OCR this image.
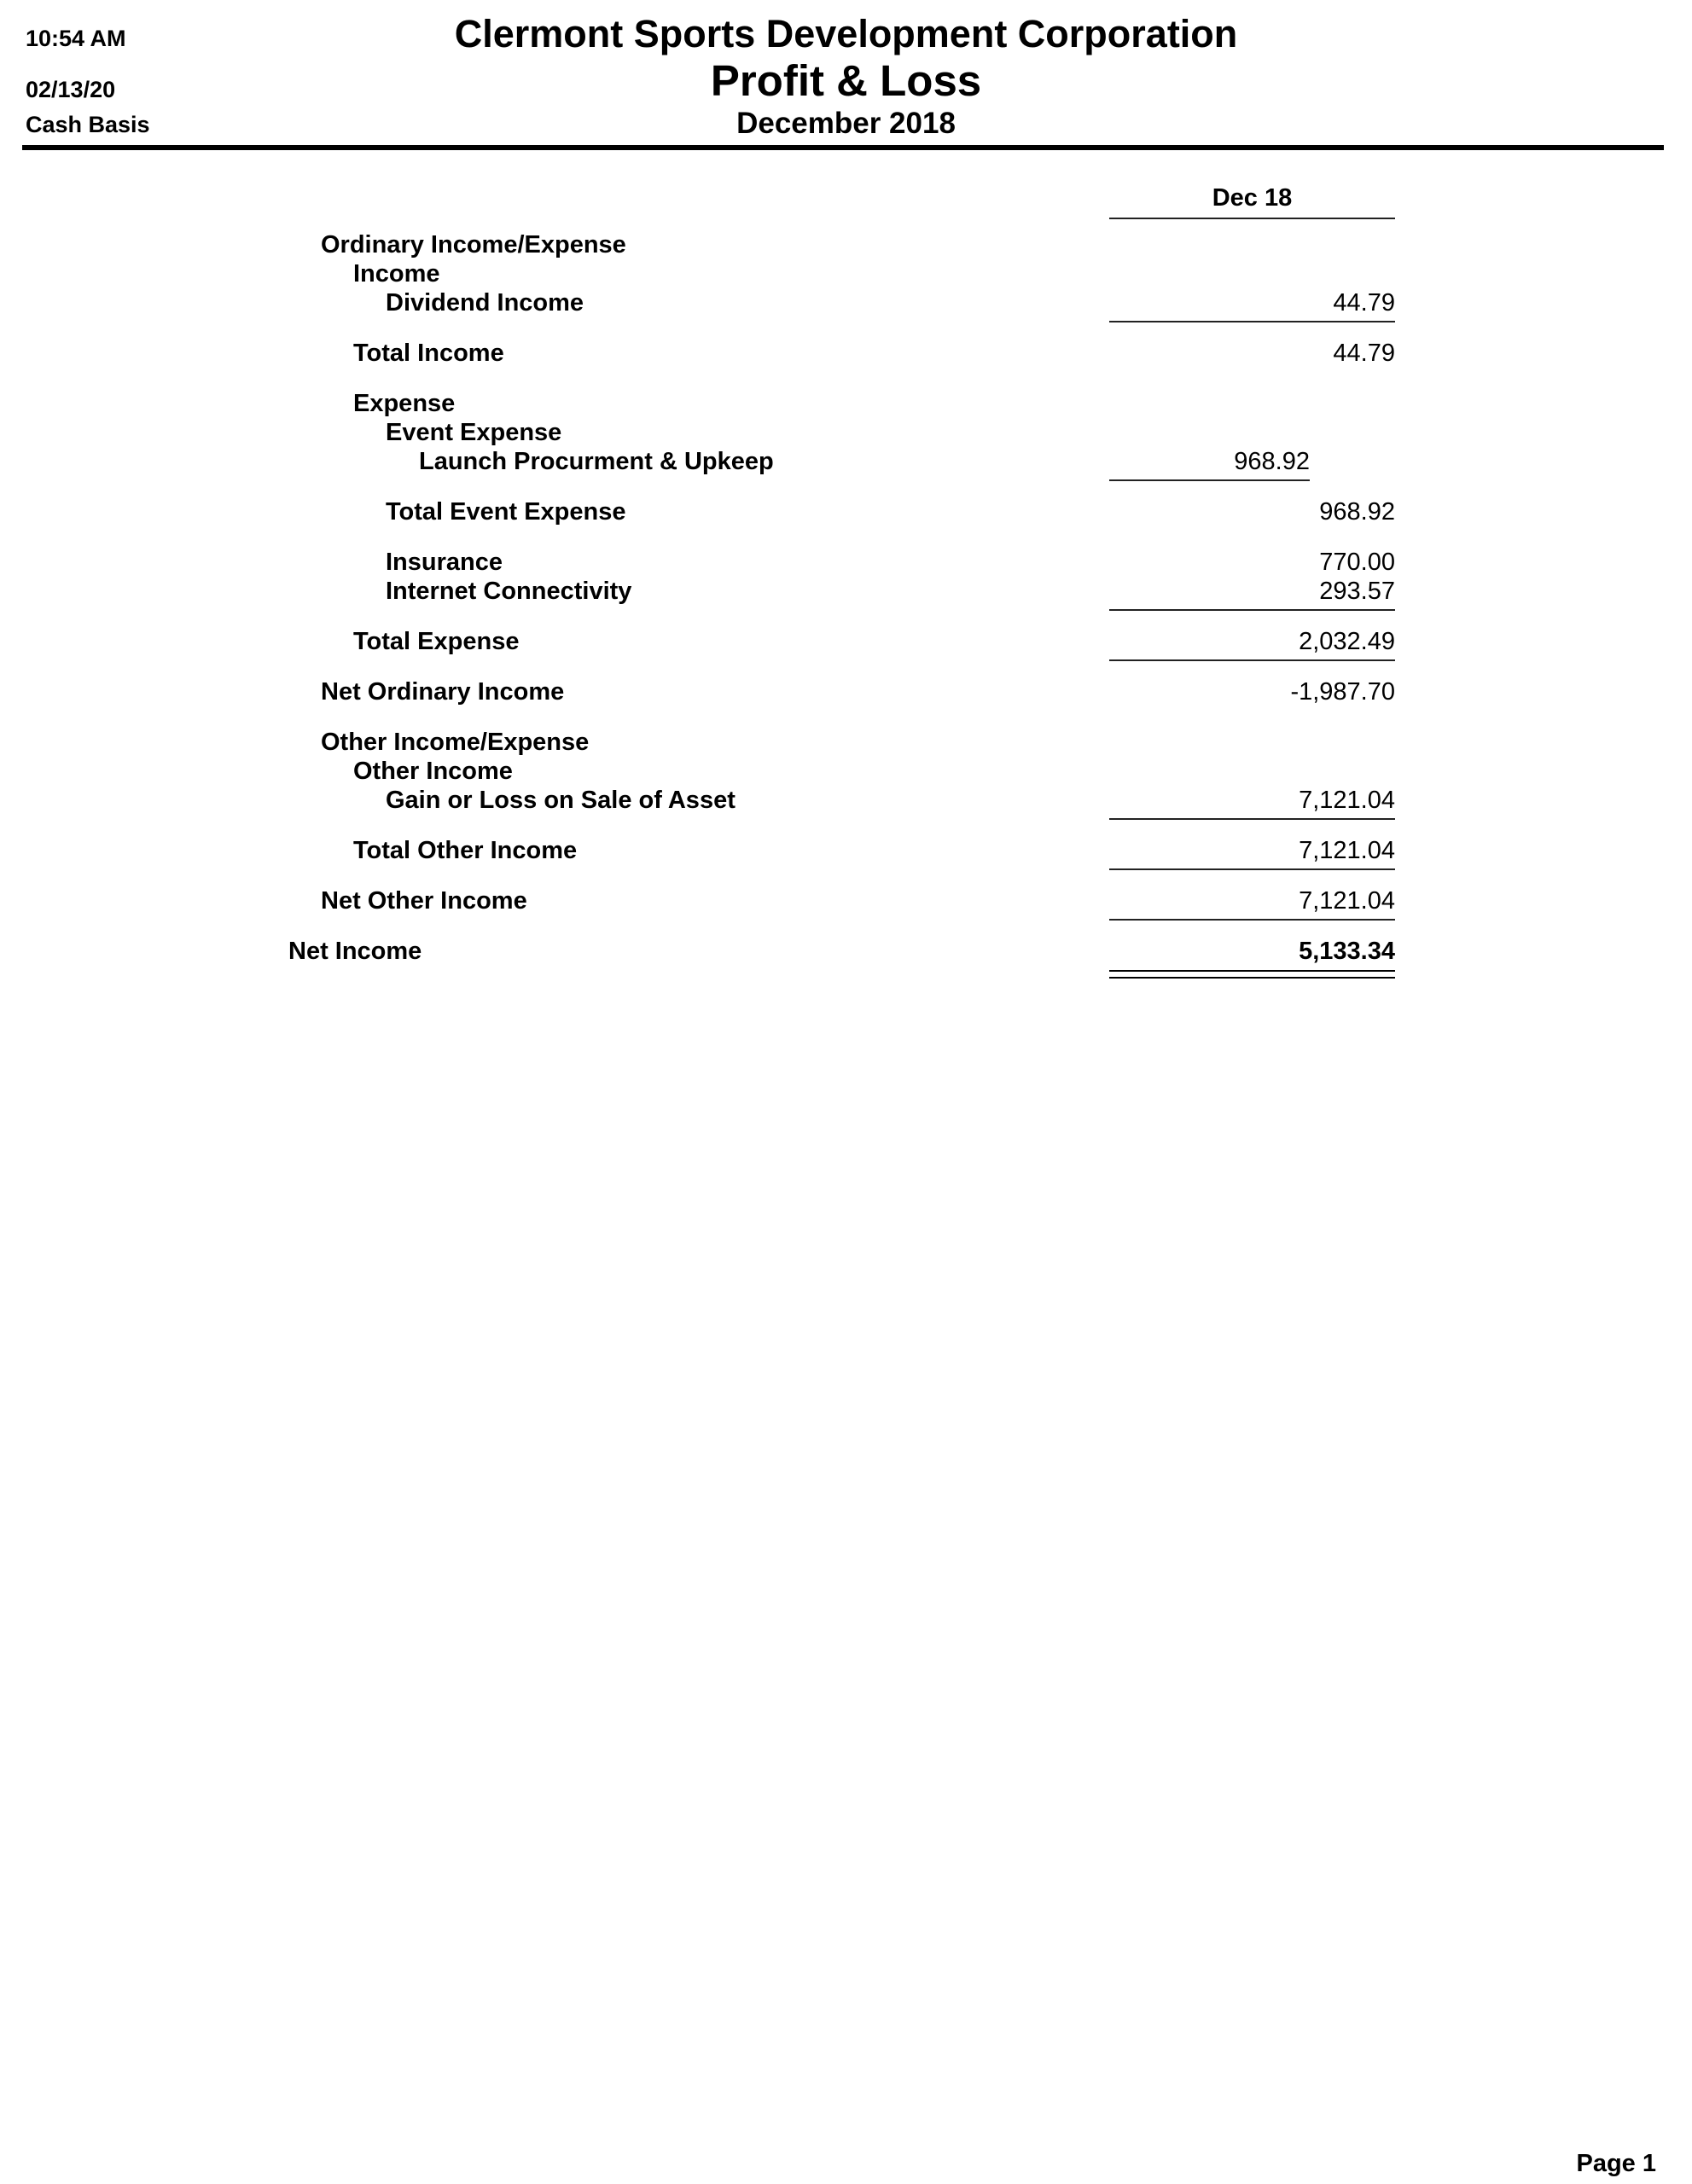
10:54 AM
02/13/20
Cash Basis
Clermont Sports Development Corporation
Profit & Loss
December 2018
Dec 18
Ordinary Income/Expense
Income
Dividend Income	44.79
Total Income	44.79
Expense
Event Expense
Launch Procurment & Upkeep	968.92
Total Event Expense	968.92
Insurance	770.00
Internet Connectivity	293.57
Total Expense	2,032.49
Net Ordinary Income	-1,987.70
Other Income/Expense
Other Income
Gain or Loss on Sale of Asset	7,121.04
Total Other Income	7,121.04
Net Other Income	7,121.04
Net Income	5,133.34
Page 1
